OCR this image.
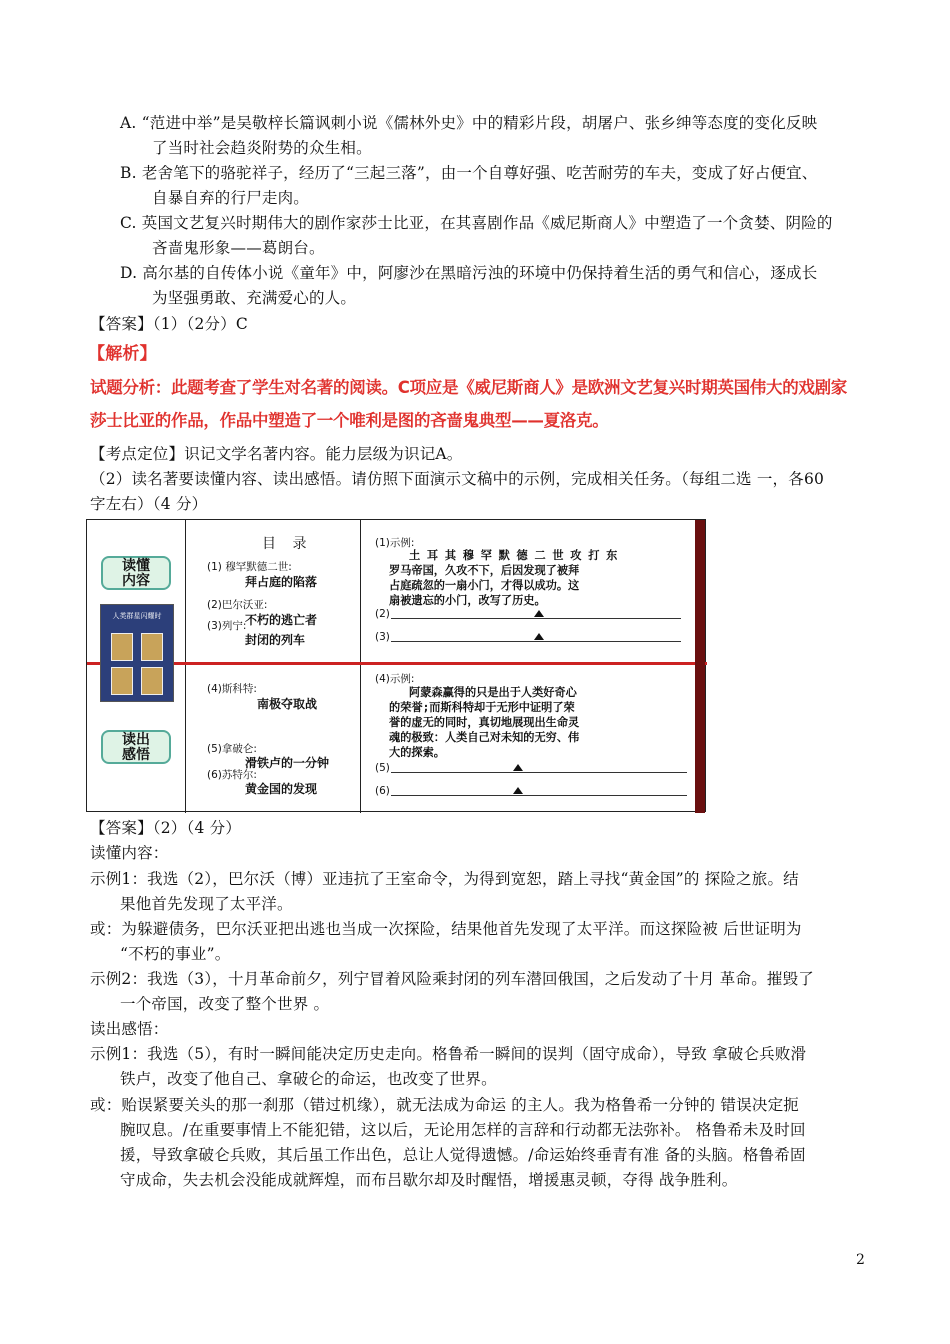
A. “范进中举”是吴敬梓长篇讽刺小说《儒林外史》中的精彩片段，胡屠户、张乡绅等态度的变化反映
了当时社会趋炎附势的众生相。
B. 老舍笔下的骆驼祥子，经历了“三起三落”，由一个自尊好强、吃苦耐劳的车夫，变成了好占便宜、
自暴自弃的行尸走肉。
C. 英国文艺复兴时期伟大的剧作家莎士比亚，在其喜剧作品《威尼斯商人》中塑造了一个贪婪、阴险的
吝啬鬼形象——葛朗台。
D. 高尔基的自传体小说《童年》中，阿廖沙在黑暗污浊的环境中仍保持着生活的勇气和信心，逐成长
为坚强勇敢、充满爱心的人。
【答案】（1）（2分）C
【解析】
试题分析：此题考查了学生对名著的阅读。C项应是《威尼斯商人》是欧洲文艺复兴时期英国伟大的戏剧家
莎士比亚的作品，作品中塑造了一个唯利是图的吝啬鬼典型——夏洛克。
【考点定位】识记文学名著内容。能力层级为识记A。
（2）读名著要读懂内容、读出感悟。请仿照下面演示文稿中的示例，完成相关任务。（每组二选 一，各60
字左右）（4 分）
读懂
内容
人类群星闪耀时
读出
感悟
目 录
(1) 穆罕默德二世:
拜占庭的陷落
(2)巴尔沃亚:
不朽的逃亡者
(3)列宁:
封闭的列车
(4)斯科特:
南极夺取战
(5)拿破仑:
滑铁卢的一分钟
(6)苏特尔:
黄金国的发现
(1)示例:
土 耳 其 穆 罕 默 德 二 世 攻 打 东
罗马帝国，久攻不下，后因发现了被拜
占庭疏忽的一扇小门，才得以成功。这
扇被遗忘的小门，改写了历史。
(2)
(3)
(4)示例:
阿蒙森赢得的只是出于人类好奇心
的荣誉;而斯科特却于无形中证明了荣
誉的虚无的同时，真切地展现出生命灵
魂的极致：人类自己对未知的无穷、伟
大的探索。
(5)
(6)
【答案】（2）（4 分）
读懂内容：
示例1：我选（2），巴尔沃（博）亚违抗了王室命令，为得到宽恕，踏上寻找“黄金国”的 探险之旅。结
果他首先发现了太平洋。
或：为躲避债务，巴尔沃亚把出逃也当成一次探险，结果他首先发现了太平洋。而这探险被 后世证明为
“不朽的事业”。
示例2：我选（3），十月革命前夕，列宁冒着风险乘封闭的列车潜回俄国，之后发动了十月 革命。摧毁了
一个帝国，改变了整个世界 。
读出感悟：
示例1：我选（5），有时一瞬间能决定历史走向。格鲁希一瞬间的误判（固守成命），导致 拿破仑兵败滑
铁卢，改变了他自己、拿破仑的命运，也改变了世界。
或：贻误紧要关头的那一刹那（错过机缘），就无法成为命运 的主人。我为格鲁希一分钟的 错误决定扼
腕叹息。/在重要事情上不能犯错，这以后，无论用怎样的言辞和行动都无法弥补。 格鲁希未及时回
援，导致拿破仑兵败，其后虽工作出色，总让人觉得遗憾。/命运始终垂青有准 备的头脑。格鲁希固
守成命，失去机会没能成就辉煌，而布吕歇尔却及时醒悟，增援惠灵顿，夺得 战争胜利。
2
